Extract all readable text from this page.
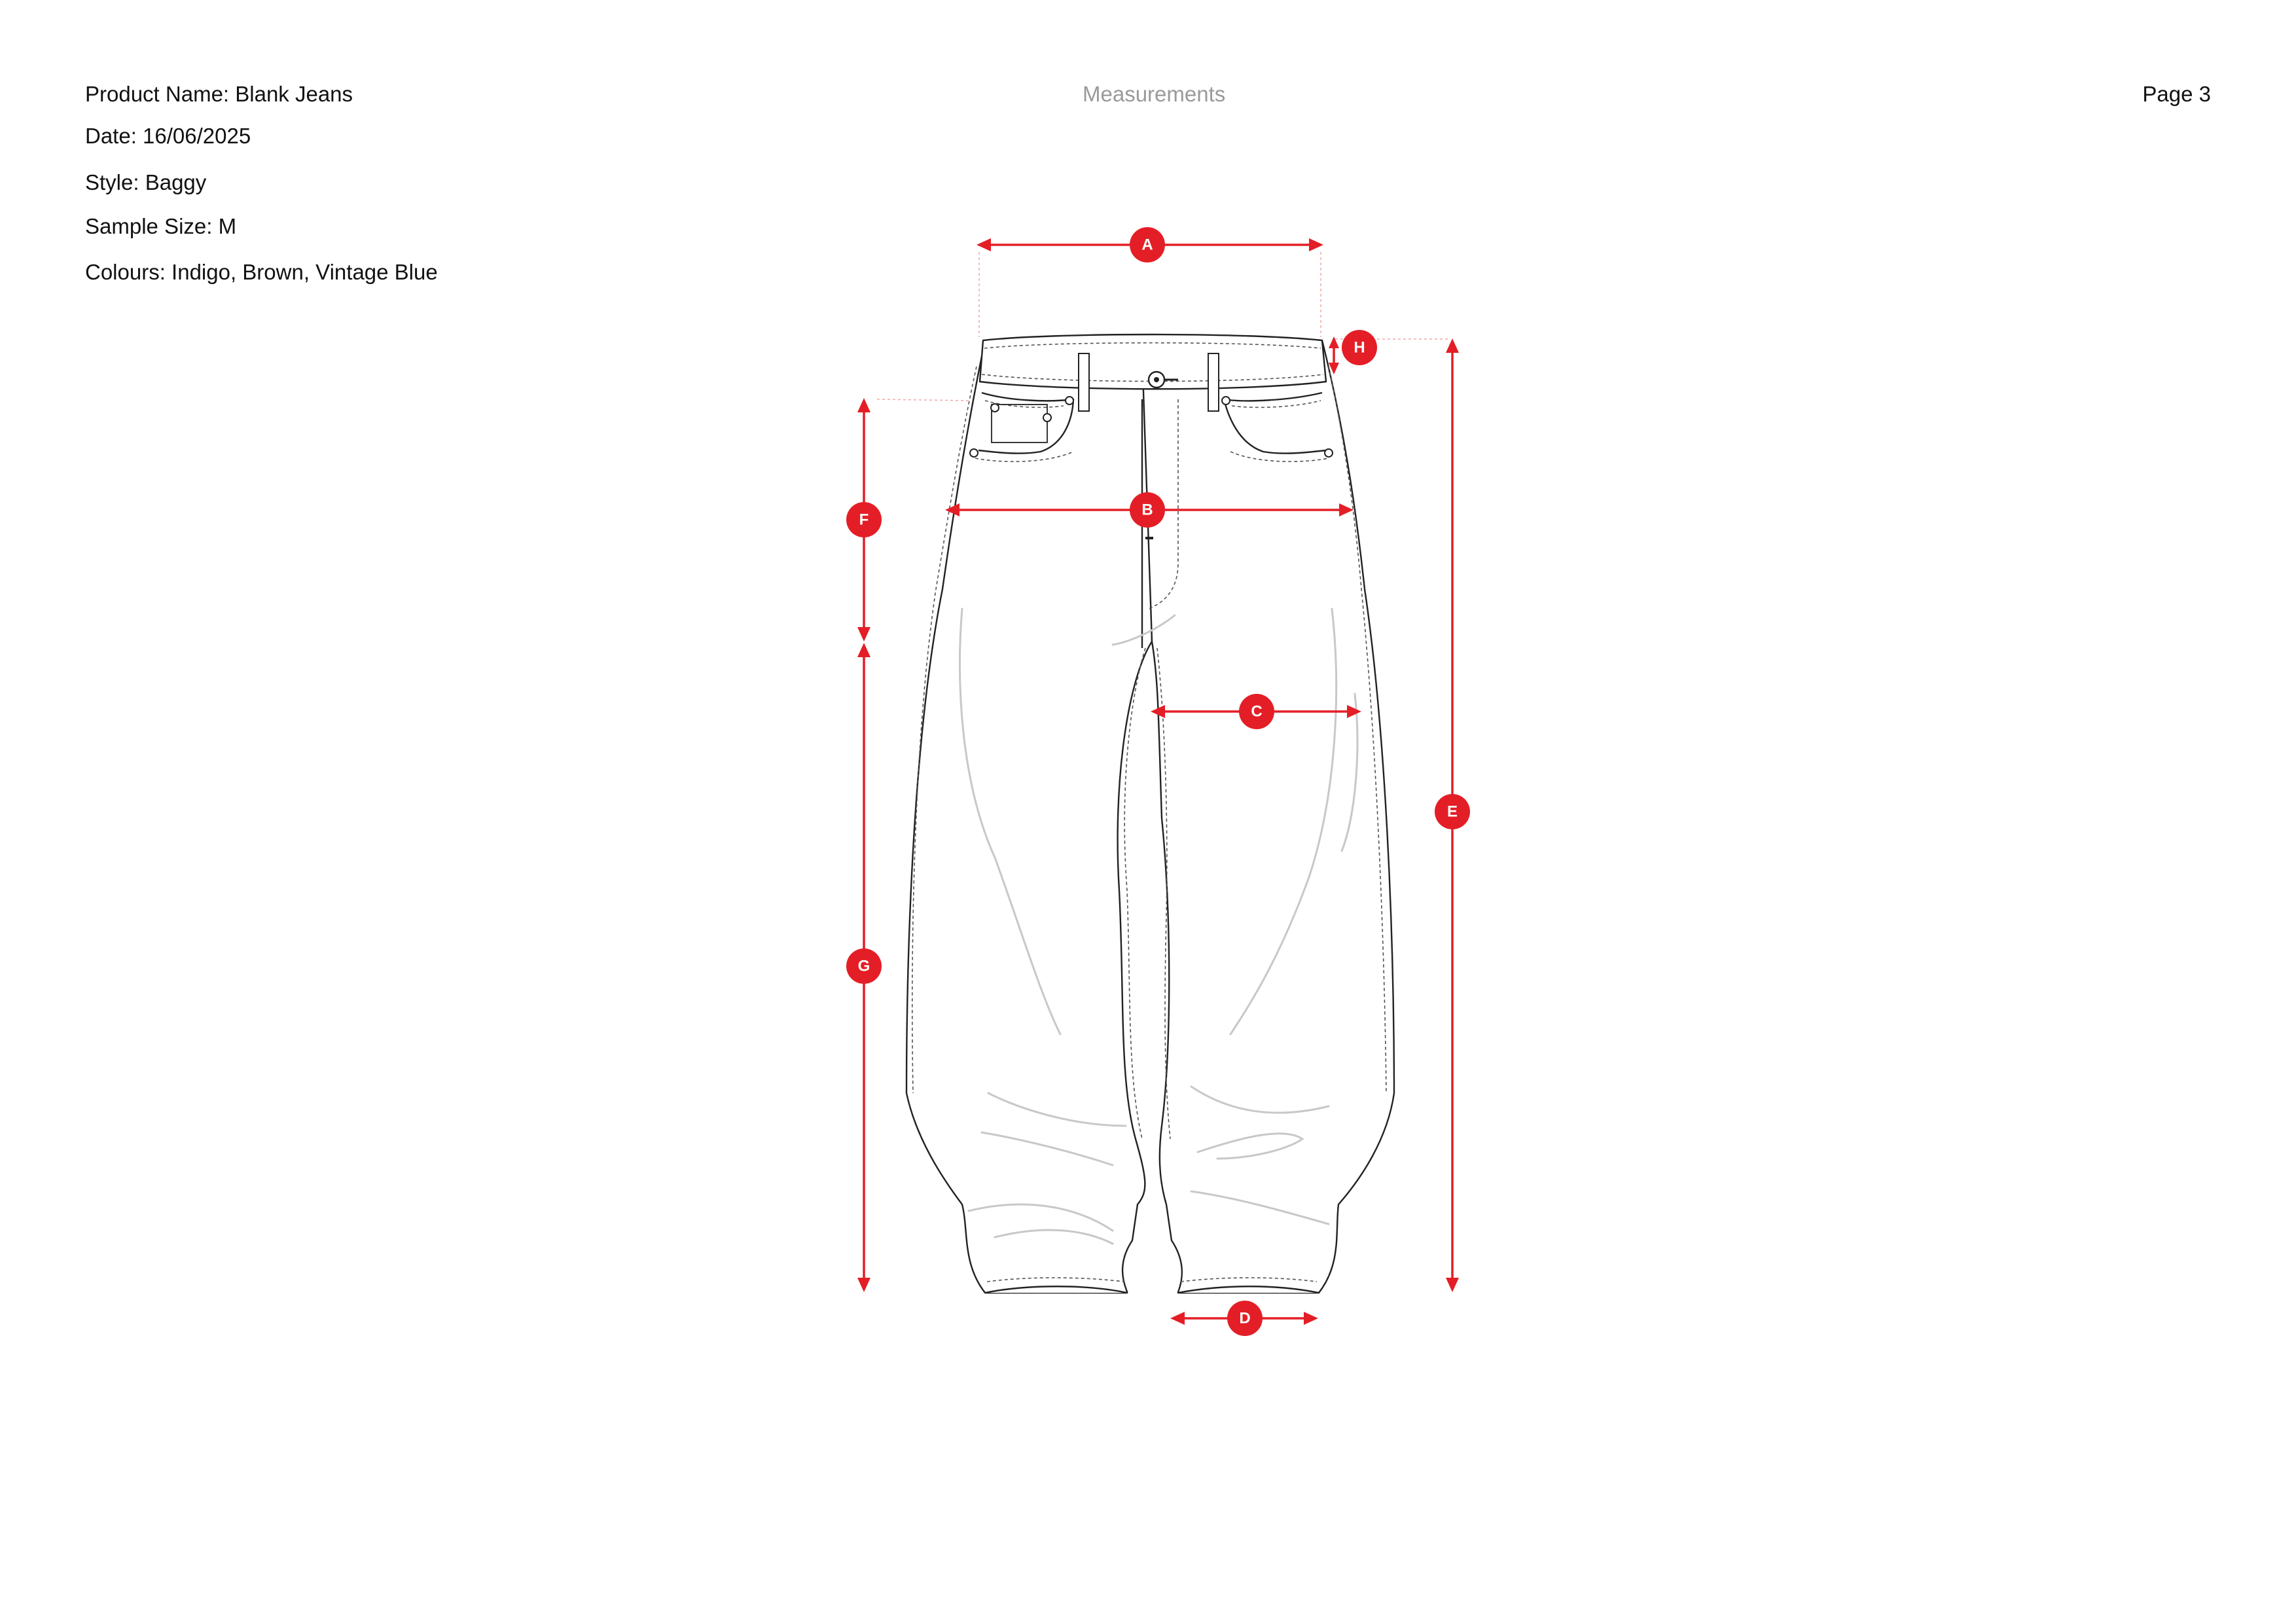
Product Name: Blank Jeans
Date: 16/06/2025
Style: Baggy
Sample Size: M
Colours: Indigo, Brown, Vintage Blue
Measurements	Page 3
A
B
C
D
E
F
G
H
